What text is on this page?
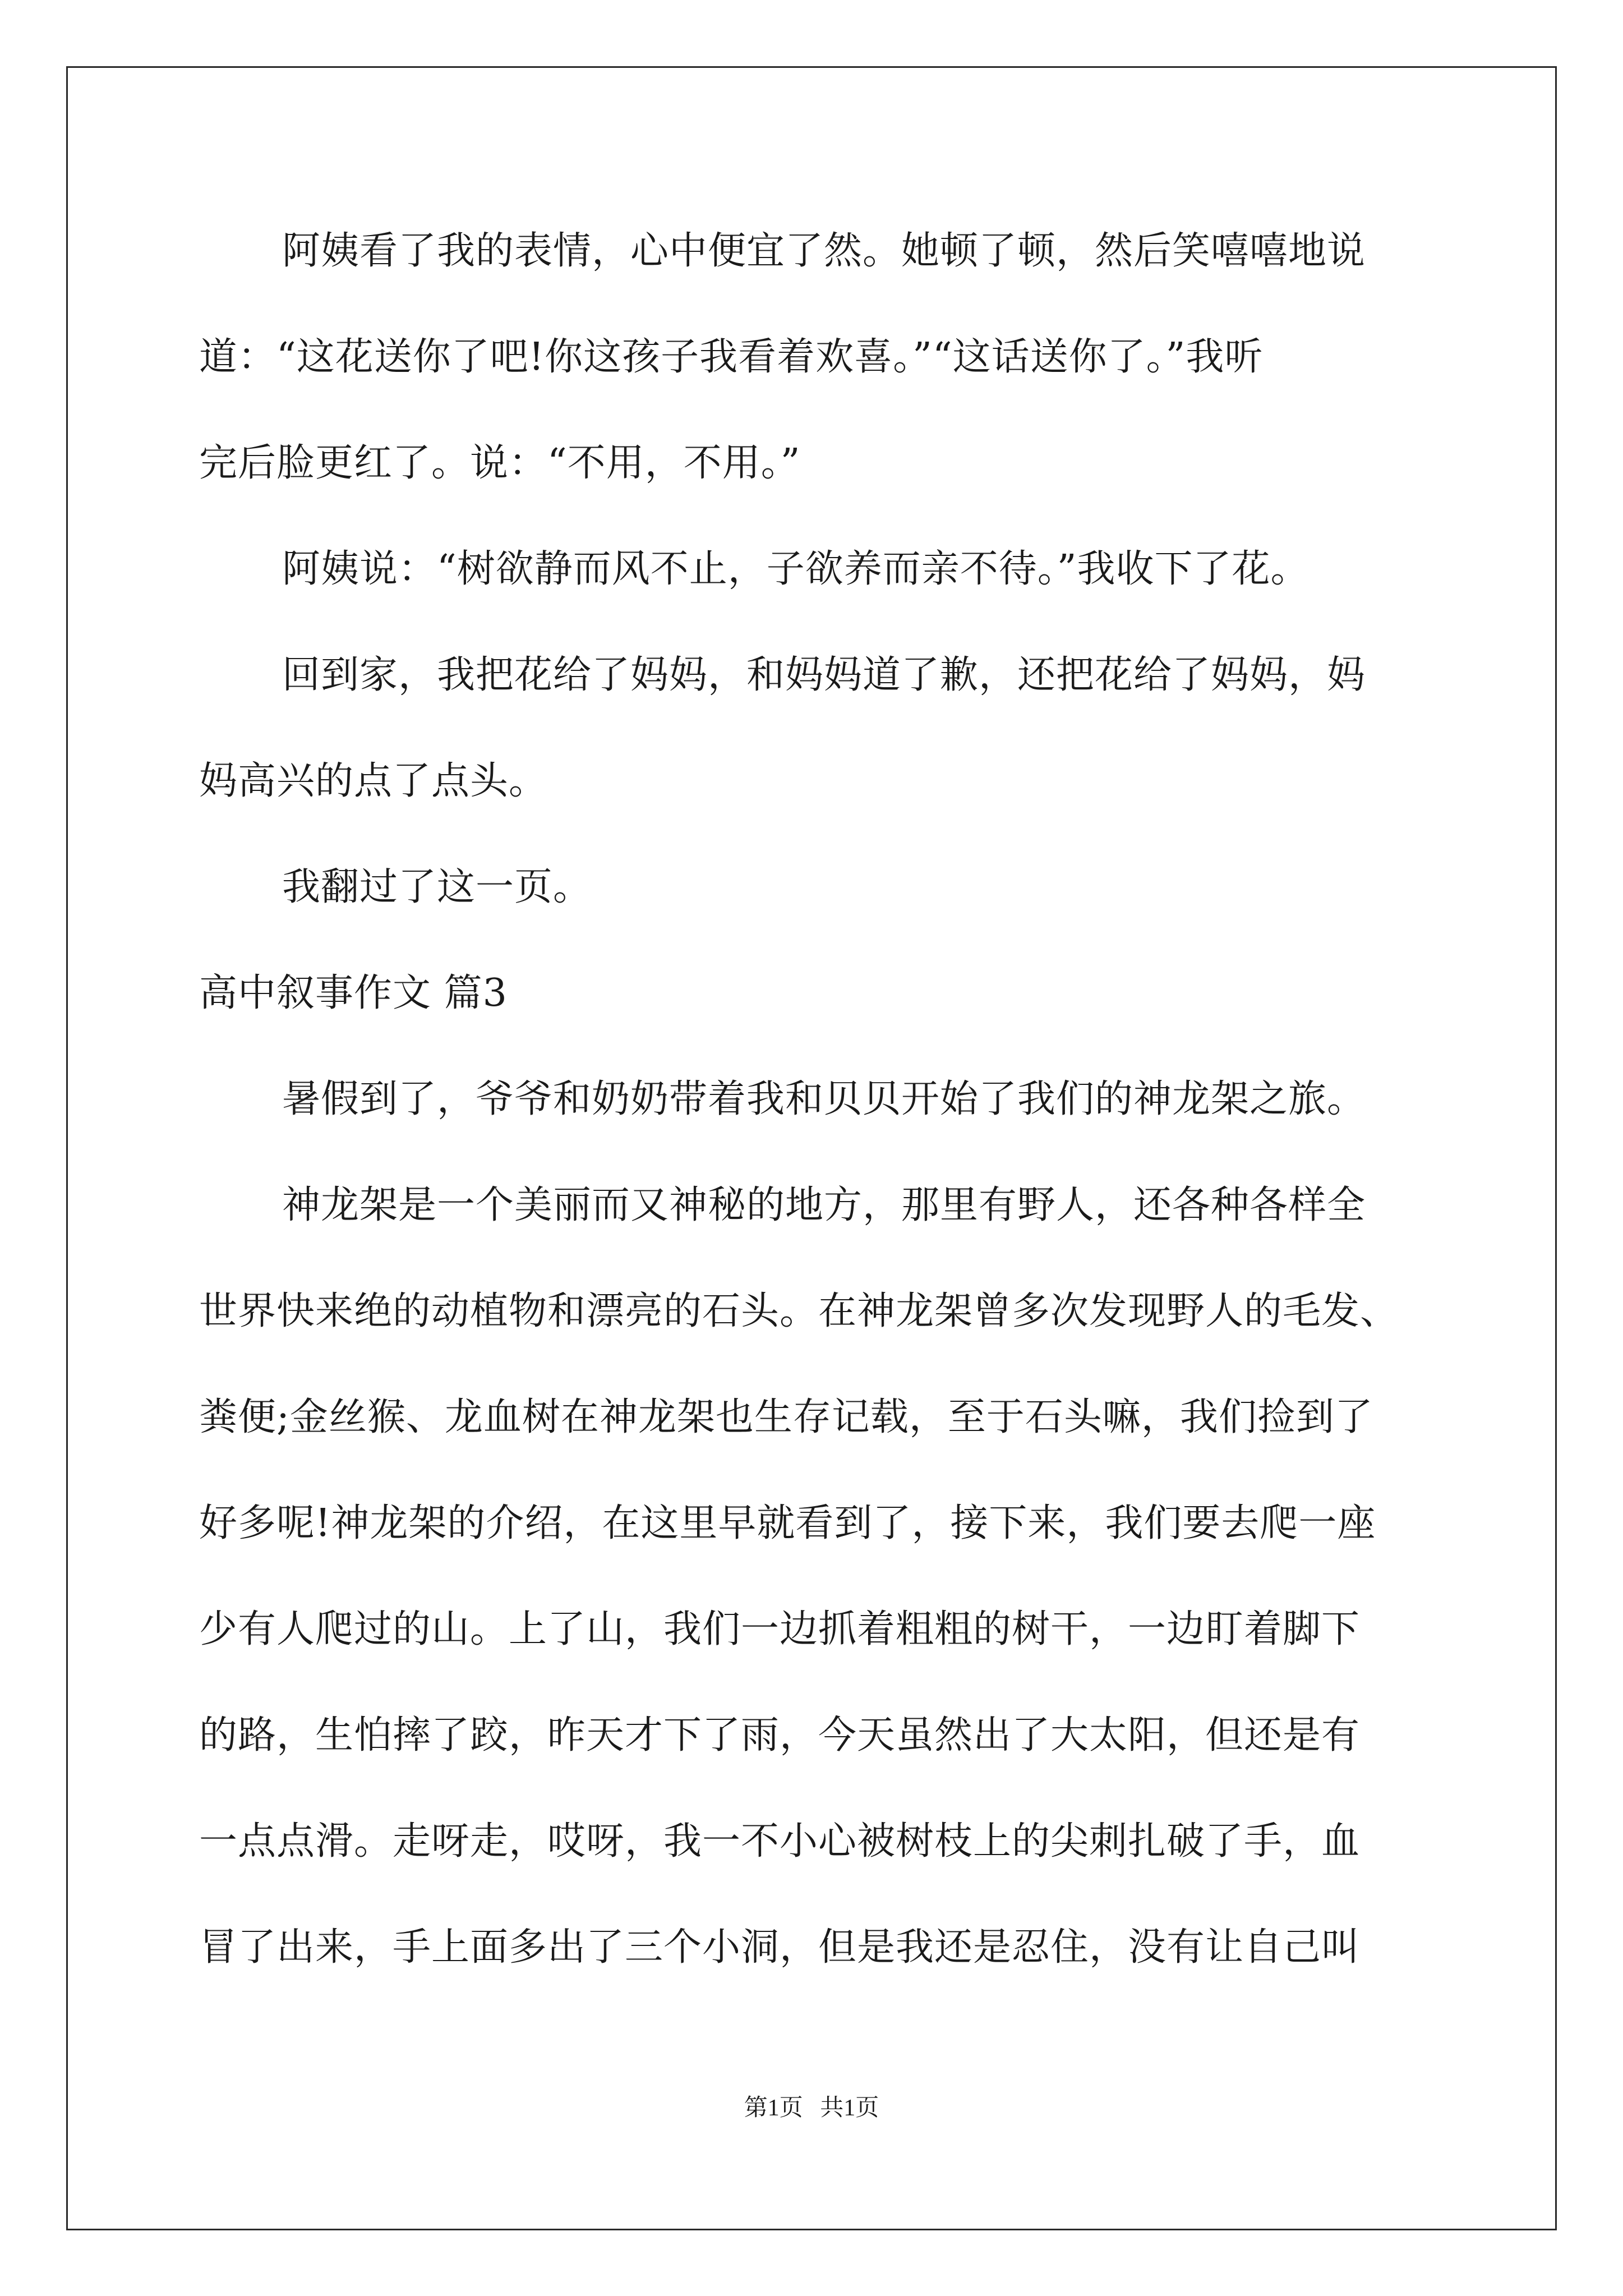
阿姨看了我的表情，心中便宜了然。她顿了顿，然后笑嘻嘻地说
道：“这花送你了吧!你这孩子我看着欢喜。”“这话送你了。”我听
完后脸更红了。说：“不用，不用。”
阿姨说：“树欲静而风不止，子欲养而亲不待。”我收下了花。
回到家，我把花给了妈妈，和妈妈道了歉，还把花给了妈妈，妈
妈高兴的点了点头。
我翻过了这一页。
高中叙事作文 篇3
暑假到了，爷爷和奶奶带着我和贝贝开始了我们的神龙架之旅。
神龙架是一个美丽而又神秘的地方，那里有野人，还各种各样全
世界快来绝的动植物和漂亮的石头。在神龙架曾多次发现野人的毛发、
粪便;金丝猴、龙血树在神龙架也生存记载，至于石头嘛，我们捡到了
好多呢!神龙架的介绍，在这里早就看到了，接下来，我们要去爬一座
少有人爬过的山。上了山，我们一边抓着粗粗的树干，一边盯着脚下
的路，生怕摔了跤，昨天才下了雨，今天虽然出了大太阳，但还是有
一点点滑。走呀走，哎呀，我一不小心被树枝上的尖刺扎破了手，血
冒了出来，手上面多出了三个小洞，但是我还是忍住，没有让自己叫
第1页 共1页
